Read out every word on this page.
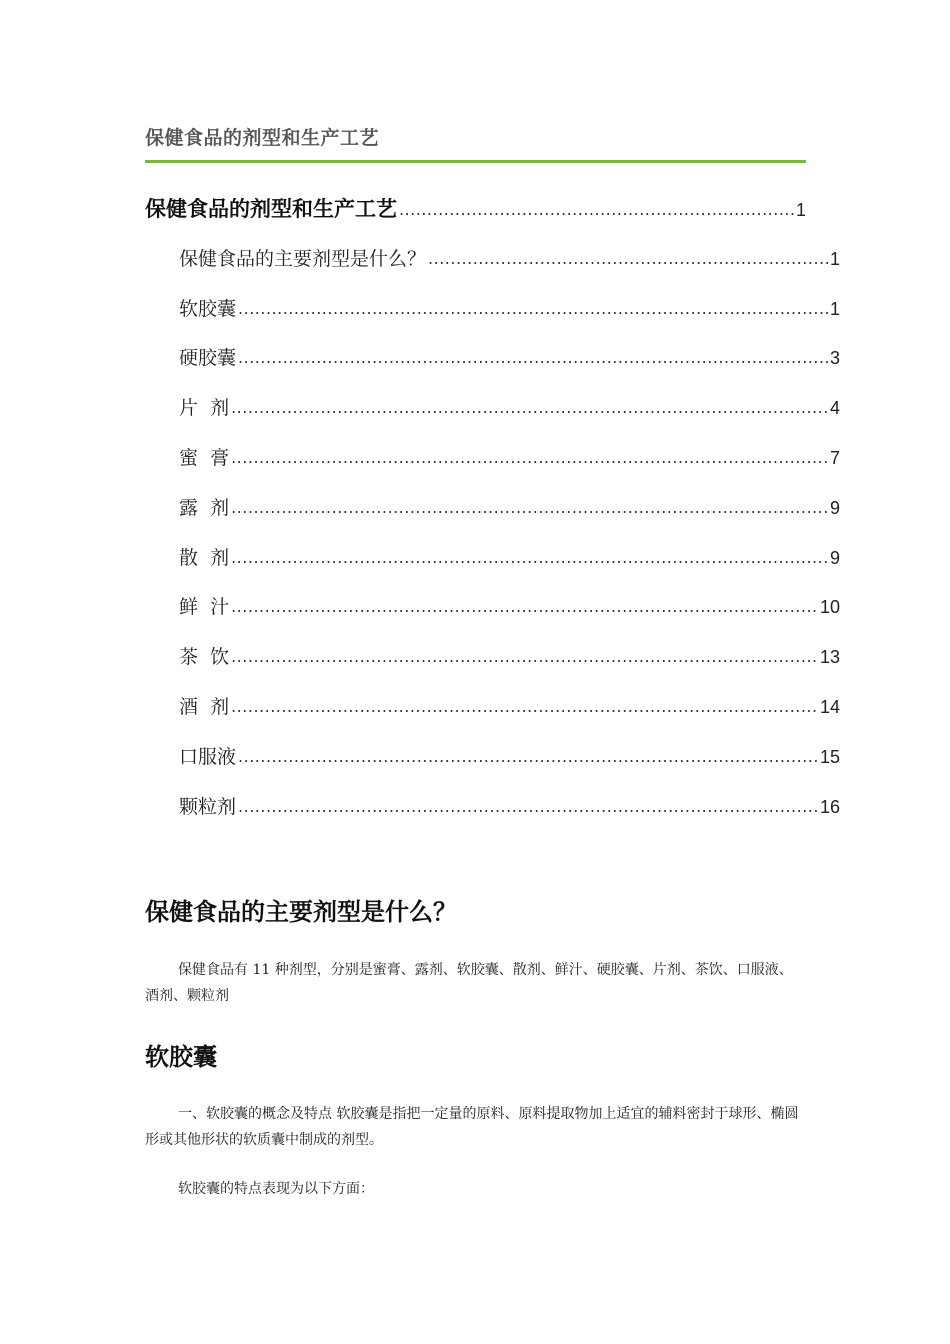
保健食品的剂型和生产工艺
保健食品的剂型和生产工艺 .....	1
保健食品的主要剂型是什么？ .....	1
软胶囊 .....	1
硬胶囊 .....	3
片  剂 .....	4
蜜  膏 .....	7
露  剂 .....	9
散  剂 .....	9
鲜  汁 .....	10
茶  饮 .....	13
酒  剂 .....	14
口服液 .....	15
颗粒剂 .....	16
保健食品的主要剂型是什么？
保健食品有 11 种剂型，分别是蜜膏、露剂、软胶囊、散剂、鲜汁、硬胶囊、片剂、茶饮、口服液、酒剂、颗粒剂
软胶囊
一、软胶囊的概念及特点 软胶囊是指把一定量的原料、原料提取物加上适宜的辅料密封于球形、椭圆形或其他形状的软质囊中制成的剂型。
软胶囊的特点表现为以下方面：
